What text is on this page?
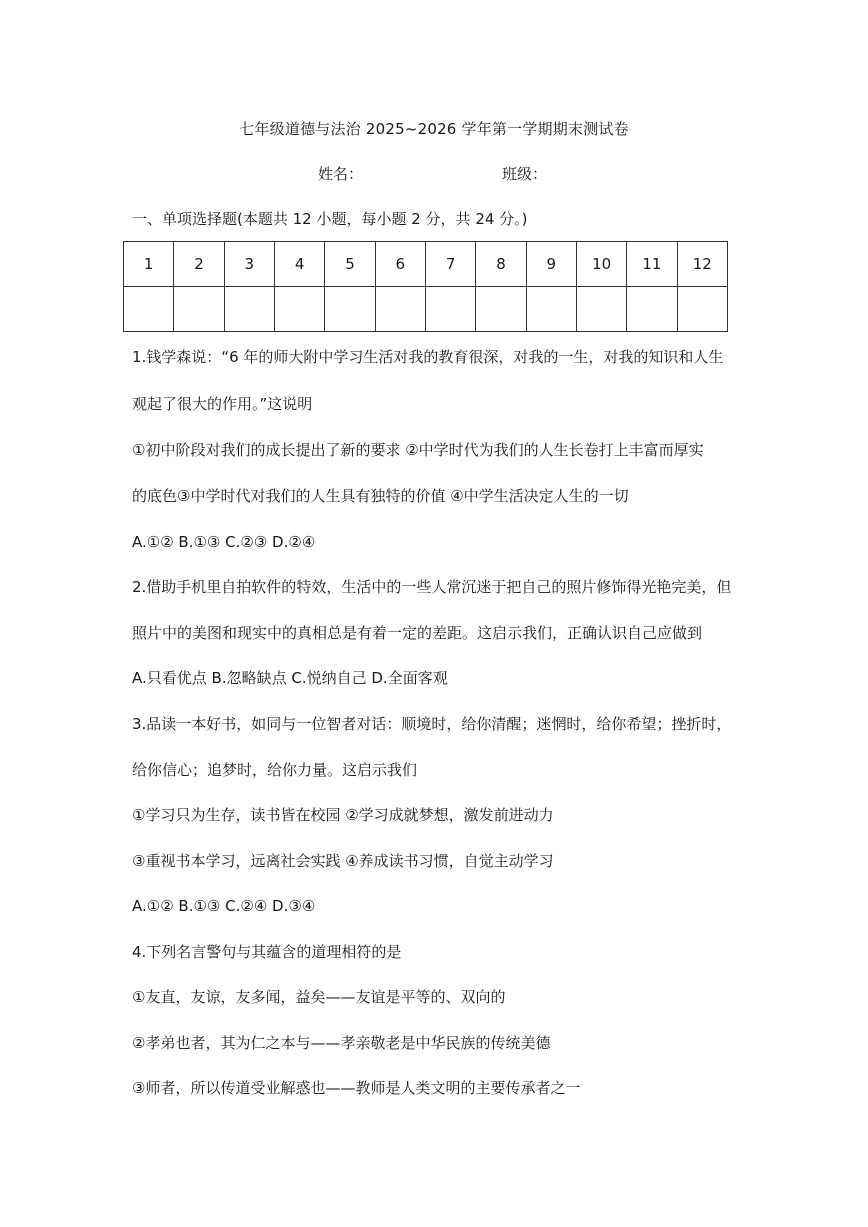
七年级道德与法治 2025~2026 学年第一学期期末测试卷
姓名：	班级：
一、单项选择题(本题共 12 小题，每小题 2 分，共 24 分。)
1	2	3	4	5	6	7	8	9	10	11	12

1.钱学森说：“6 年的师大附中学习生活对我的教育很深，对我的一生，对我的知识和人生
观起了很大的作用。”这说明
①初中阶段对我们的成长提出了新的要求 ②中学时代为我们的人生长卷打上丰富而厚实
的底色③中学时代对我们的人生具有独特的价值 ④中学生活决定人生的一切
A.①② B.①③ C.②③ D.②④
2.借助手机里自拍软件的特效，生活中的一些人常沉迷于把自己的照片修饰得光艳完美，但
照片中的美图和现实中的真相总是有着一定的差距。这启示我们，正确认识自己应做到
A.只看优点 B.忽略缺点 C.悦纳自己 D.全面客观
3.品读一本好书，如同与一位智者对话：顺境时，给你清醒；迷惘时，给你希望；挫折时，
给你信心；追梦时，给你力量。这启示我们
①学习只为生存，读书皆在校园 ②学习成就梦想，激发前进动力
③重视书本学习，远离社会实践 ④养成读书习惯，自觉主动学习
A.①② B.①③ C.②④ D.③④
4.下列名言警句与其蕴含的道理相符的是
①友直，友谅，友多闻，益矣——友谊是平等的、双向的
②孝弟也者，其为仁之本与——孝亲敬老是中华民族的传统美德
③师者，所以传道受业解惑也——教师是人类文明的主要传承者之一
